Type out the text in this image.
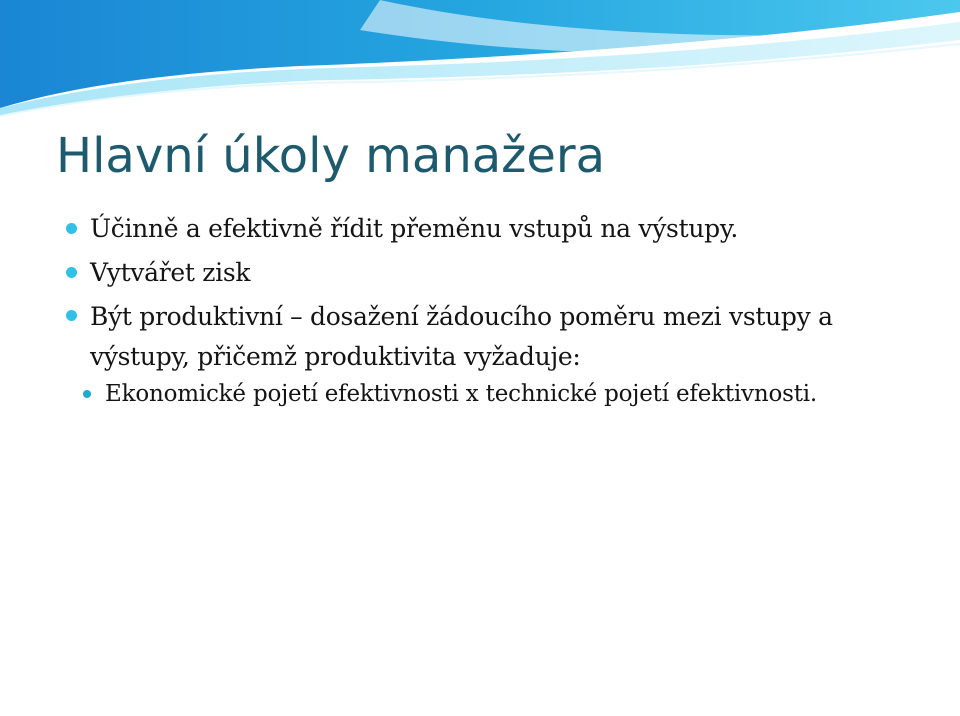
Hlavní úkoly manažera
Účinně a efektivně řídit přeměnu vstupů na výstupy.
Vytvářet zisk
Být produktivní – dosažení žádoucího poměru mezi vstupy a výstupy, přičemž produktivita vyžaduje:
Ekonomické pojetí efektivnosti x technické pojetí efektivnosti.
